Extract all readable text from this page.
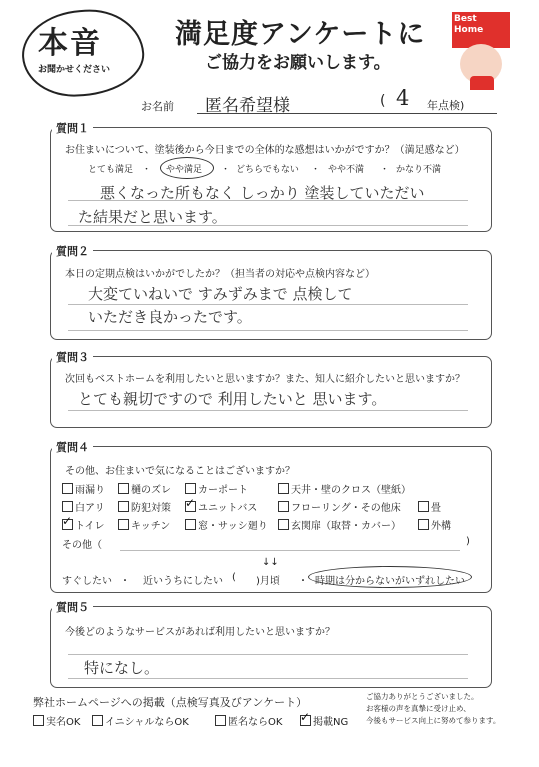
本音
お聞かせください
満足度アンケートに
ご協力をお願いします。
Best
Home
お名前 匿名希望様	( 4 年点検)
質問１
お住まいについて、塗装後から今日までの全体的な感想はいかがですか？（満足感など）
とても満足 ・ やや満足 ・ どちらでもない ・ やや不満 ・ かなり不満
悪くなった所もなく しっかり 塗装していただい
た結果だと思います。
質問２
本日の定期点検はいかがでしたか？（担当者の対応や点検内容など）
大変ていねいで すみずみまで 点検して
いただき良かったです。
質問３
次回もベストホームを利用したいと思いますか？また、知人に紹介したいと思いますか？
とても親切ですので 利用したいと 思います。
質問４
その他、お住まいで気になることはございますか？
雨漏り	樋のズレ	カーポート	天井・壁のクロス（壁紙）
白アリ	防犯対策 ✓	ユニットバス	フローリング・その他床	畳
✓トイレ	キッチン	窓・サッシ廻り	玄関扉（取替・カバー）	外構
その他（	)
↓↓
すぐしたい ・ 近いうちにしたい ( )月頃 ・ 時期は分からないがいずれしたい
質問５
今後どのようなサービスがあれば利用したいと思いますか？
特になし。
弊社ホームページへの掲載（点検写真及びアンケート）
実名OK	イニシャルならOK	匿名ならOK ✓	掲載NG
ご協力ありがとうございました。
お客様の声を真摯に受け止め、
今後もサービス向上に努めて参ります。
